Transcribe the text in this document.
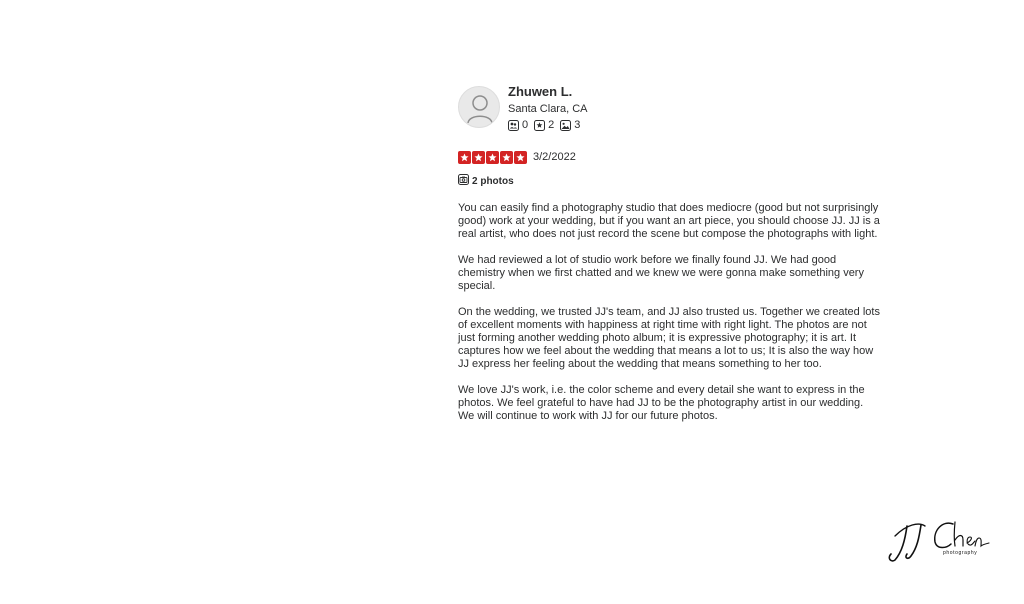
Zhuwen L.
Santa Clara, CA
0 2 3
3/2/2022
2 photos

You can easily find a photography studio that does mediocre (good but not surprisingly good) work at your wedding, but if you want an art piece, you should choose JJ. JJ is a real artist, who does not just record the scene but compose the photographs with light.

We had reviewed a lot of studio work before we finally found JJ. We had good chemistry when we first chatted and we knew we were gonna make something very special.

On the wedding, we trusted JJ's team, and JJ also trusted us. Together we created lots of excellent moments with happiness at right time with right light. The photos are not just forming another wedding photo album; it is expressive photography; it is art. It captures how we feel about the wedding that means a lot to us; It is also the way how JJ express her feeling about the wedding that means something to her too.

We love JJ's work, i.e. the color scheme and every detail she want to express in the photos. We feel grateful to have had JJ to be the photography artist in our wedding. We will continue to work with JJ for our future photos.

photography
